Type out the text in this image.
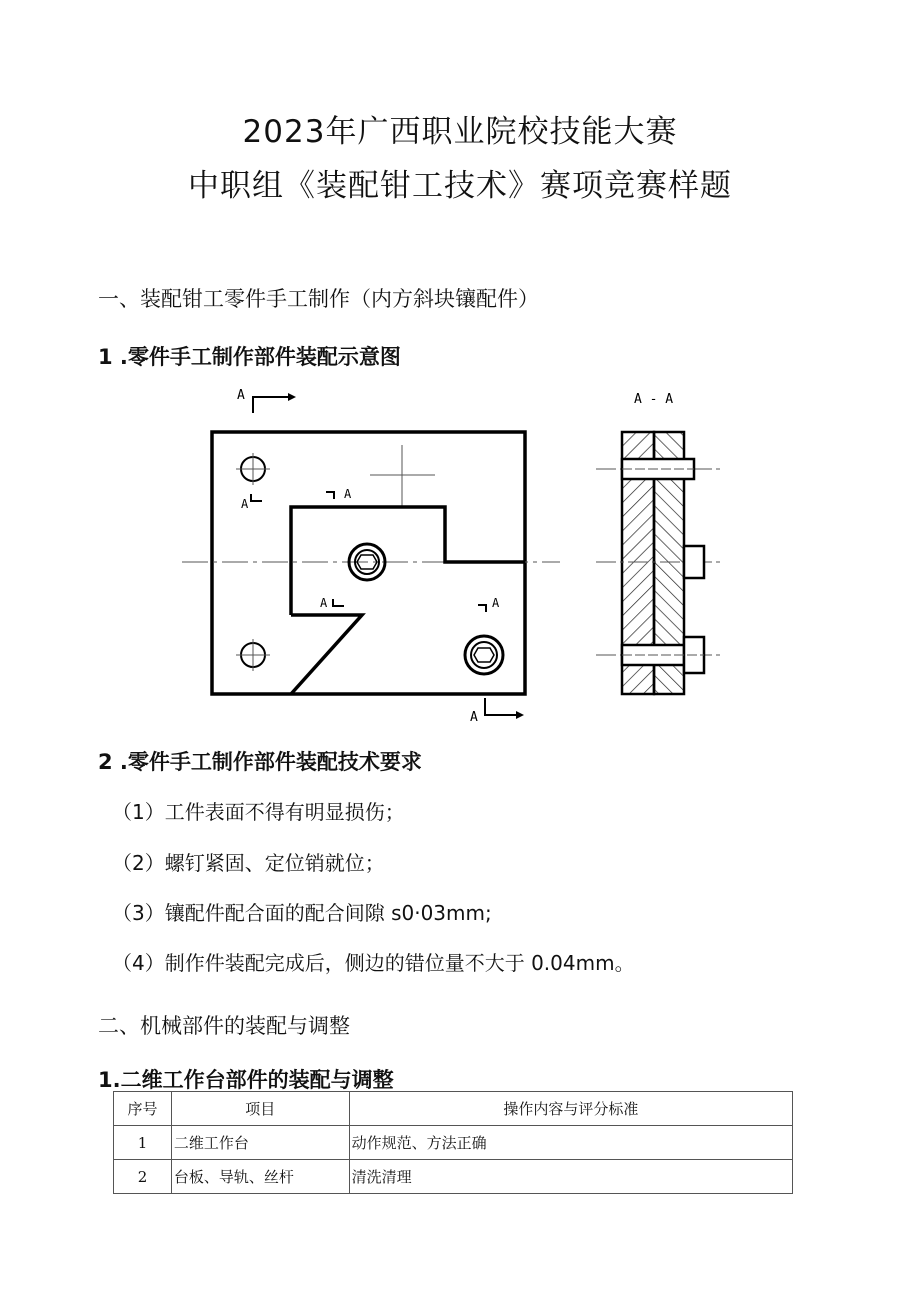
2023年广西职业院校技能大赛
中职组《装配钳工技术》赛项竞赛样题
一、装配钳工零件手工制作（内方斜块镶配件）
1 .零件手工制作部件装配示意图
A
A
A
A
A	A
A - A
2 .零件手工制作部件装配技术要求
（1）工件表面不得有明显损伤；
（2）螺钉紧固、定位销就位；
（3）镶配件配合面的配合间隙 s0·03mm;
（4）制作件装配完成后，侧边的错位量不大于 0.04mm。
二、机械部件的装配与调整
1.二维工作台部件的装配与调整
序号	项目	操作内容与评分标准
1	二维工作台	动作规范、方法正确
2	台板、导轨、丝杆	清洗清理
